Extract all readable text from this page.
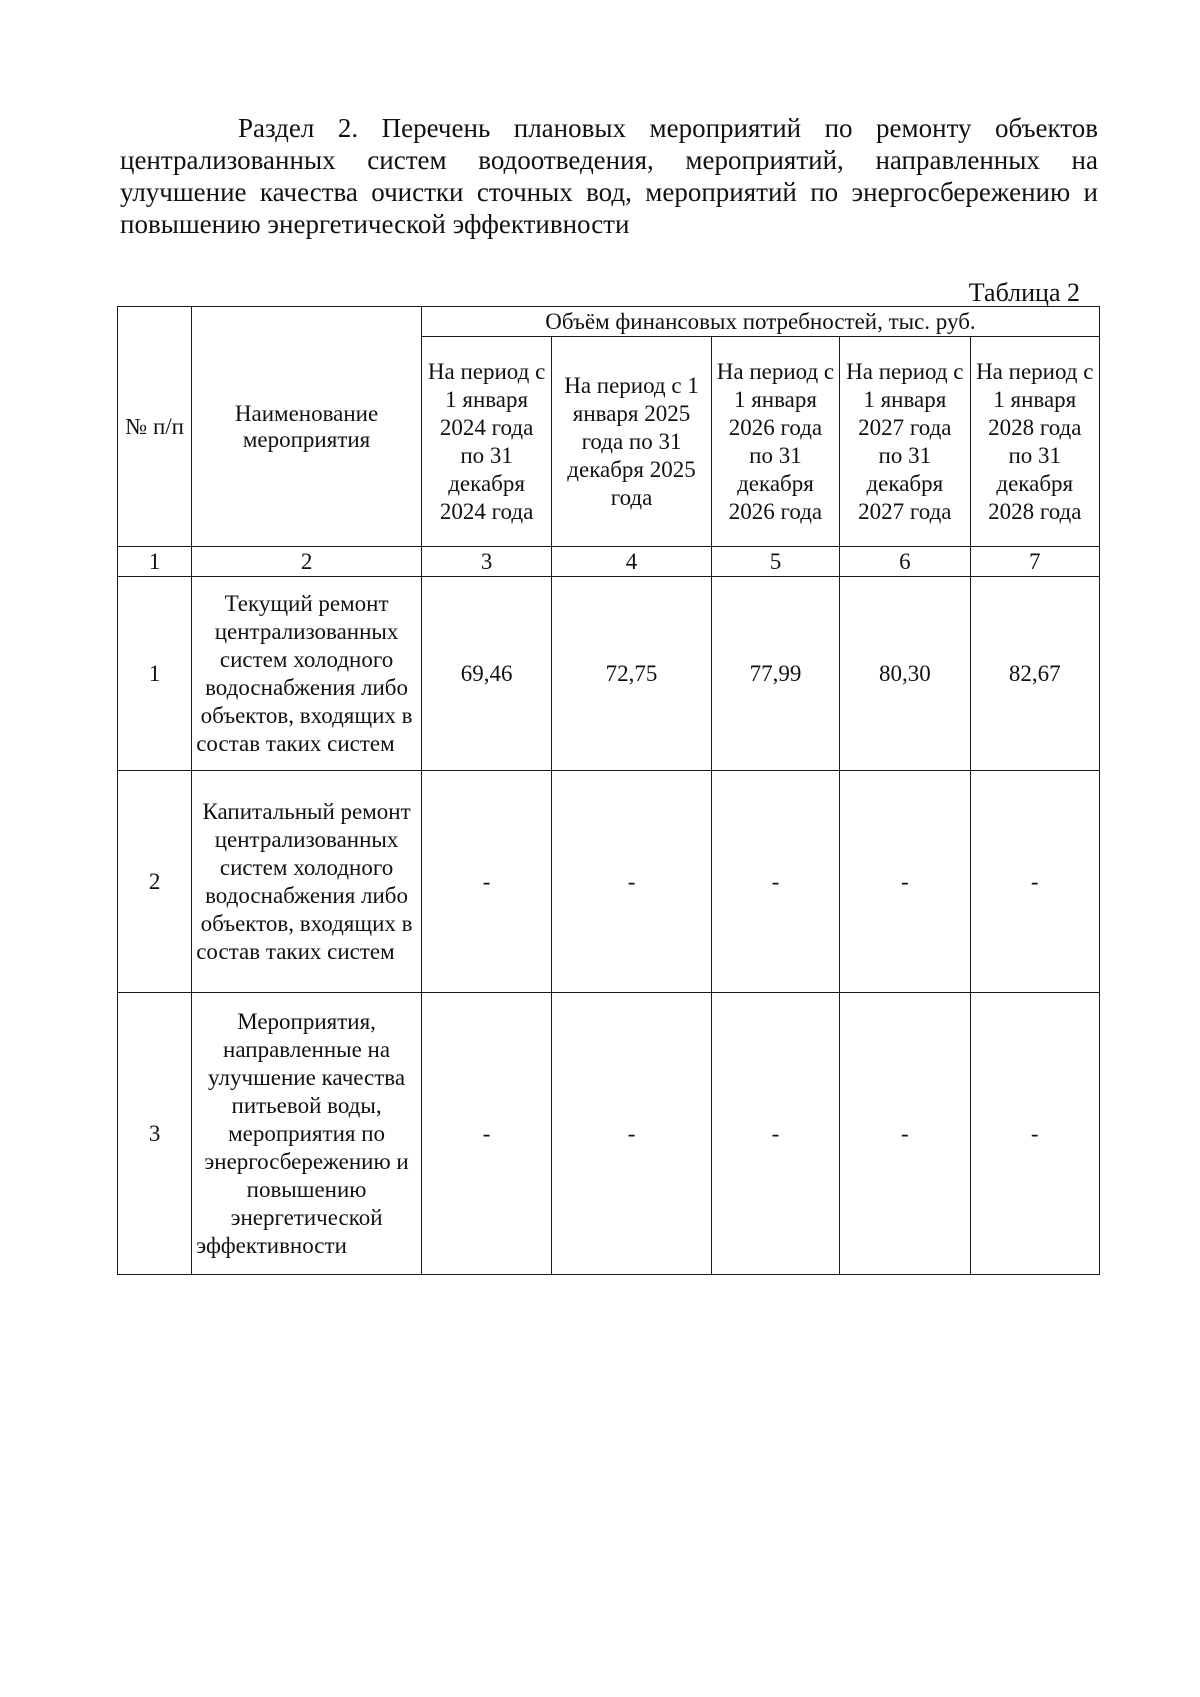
Раздел 2. Перечень плановых мероприятий по ремонту объектов централизованных систем водоотведения, мероприятий, направленных на улучшение качества очистки сточных вод, мероприятий по энергосбережению и повышению энергетической эффективности

Таблица 2
№ п/п	Наименование мероприятия	Объём финансовых потребностей, тыс. руб.				

		На период с 1 января 2024 года по 31 декабря 2024 года	На период с 1 января 2025 года по 31 декабря 2025 года	На период с 1 января 2026 года по 31 декабря 2026 года	На период с 1 января 2027 года по 31 декабря 2027 года	На период с 1 января 2028 года по 31 декабря 2028 года

1	2	3	4	5	6	7
1	Текущий ремонт централизованных систем холодного водоснабжения либо объектов, входящих в состав таких систем	69,46	72,75	77,99	80,30	82,67
2	Капитальный ремонт централизованных систем холодного водоснабжения либо объектов, входящих в состав таких систем	-	-	-	-	-
3	Мероприятия, направленные на улучшение качества питьевой воды, мероприятия по энергосбережению и повышению энергетической эффективности	-	-	-	-	-
